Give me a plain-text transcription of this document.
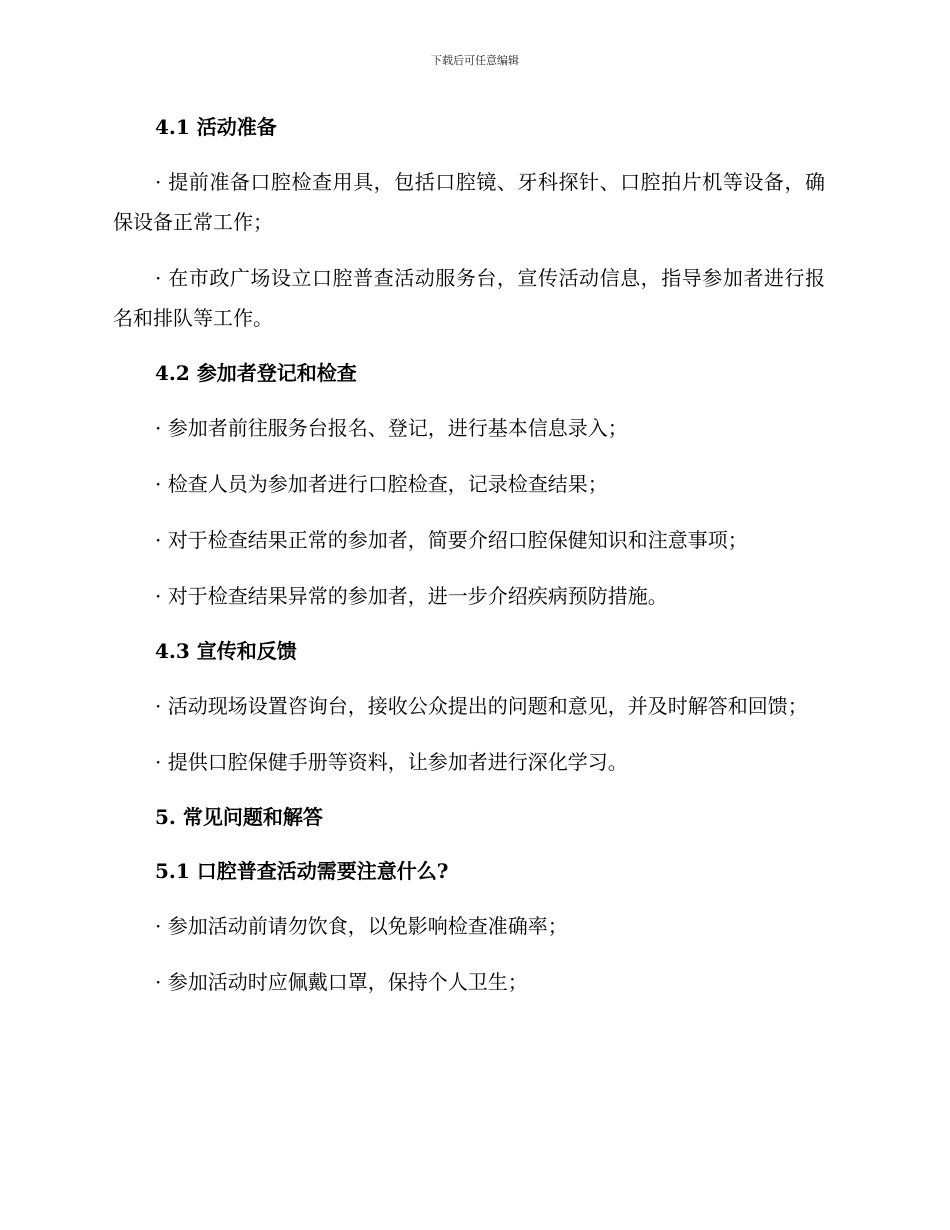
下载后可任意编辑
4.1 活动准备
· 提前准备口腔检查用具，包括口腔镜、牙科探针、口腔拍片机等设备，确保设备正常工作；
· 在市政广场设立口腔普查活动服务台，宣传活动信息，指导参加者进行报名和排队等工作。
4.2 参加者登记和检查
· 参加者前往服务台报名、登记，进行基本信息录入；
· 检查人员为参加者进行口腔检查，记录检查结果；
· 对于检查结果正常的参加者，简要介绍口腔保健知识和注意事项；
· 对于检查结果异常的参加者，进一步介绍疾病预防措施。
4.3 宣传和反馈
· 活动现场设置咨询台，接收公众提出的问题和意见，并及时解答和回馈；
· 提供口腔保健手册等资料，让参加者进行深化学习。
5. 常见问题和解答
5.1 口腔普查活动需要注意什么?
· 参加活动前请勿饮食，以免影响检查准确率；
· 参加活动时应佩戴口罩，保持个人卫生；
